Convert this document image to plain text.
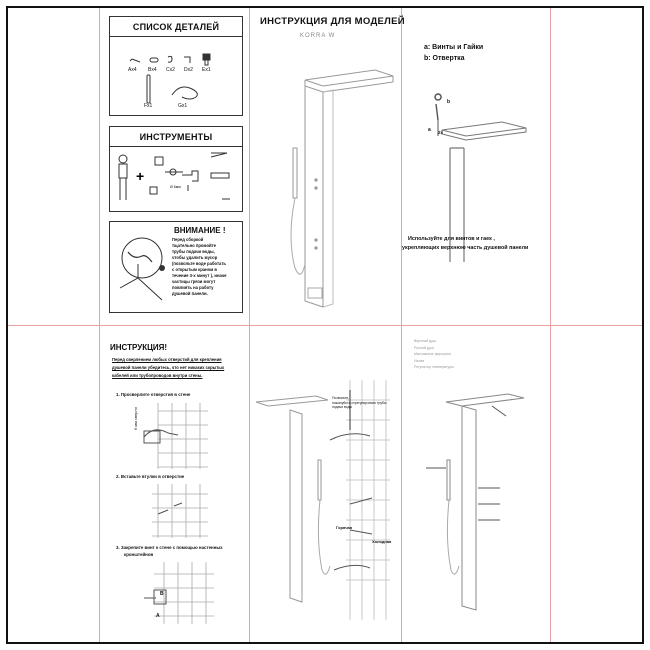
СПИСОК ДЕТАЛЕЙ
Ax4 Bx4 Cx2 Dx2 Ex1
Fx1	Gx1
ИНСТРУМЕНТЫ
+
Ø 6мм
ВНИМАНИЕ !
Перед сборкой
тщательно промойте
трубы подачи воды,
чтобы удалить мусор
(позвольте воде работать
с открытым краном в
течение 3-х минут ), иначе
частицы грязи могут
повлиять на работу
душевой панели.
ИНСТРУКЦИЯ ДЛЯ МОДЕЛЕЙ
KORRA W
a: Винты и Гайки
b: Отвертка
a
b
2x
Используйте для винтов и гаек ,
укрепляющих верхнюю часть душевой панели
ИНСТРУКЦИЯ!
Перед сверлением любых отверстий для крепления
душевой панели убедитесь, что нет никаких скрытых
кабелей или трубопроводов внутри стены.
1. Просверлите отверстия в стене
6 мм сверло
2. Вставьте втулки в отверстие
3. Закрепите винт к стене с помощью настенных
кронштейнов
A
B
Позвольте, пожалуйста,отрегулировать трубы подачи воды
Горячая
Холодная
Верхний душ
Ручной душ
Массажные форсунки
Излив
Регулятор температуры
